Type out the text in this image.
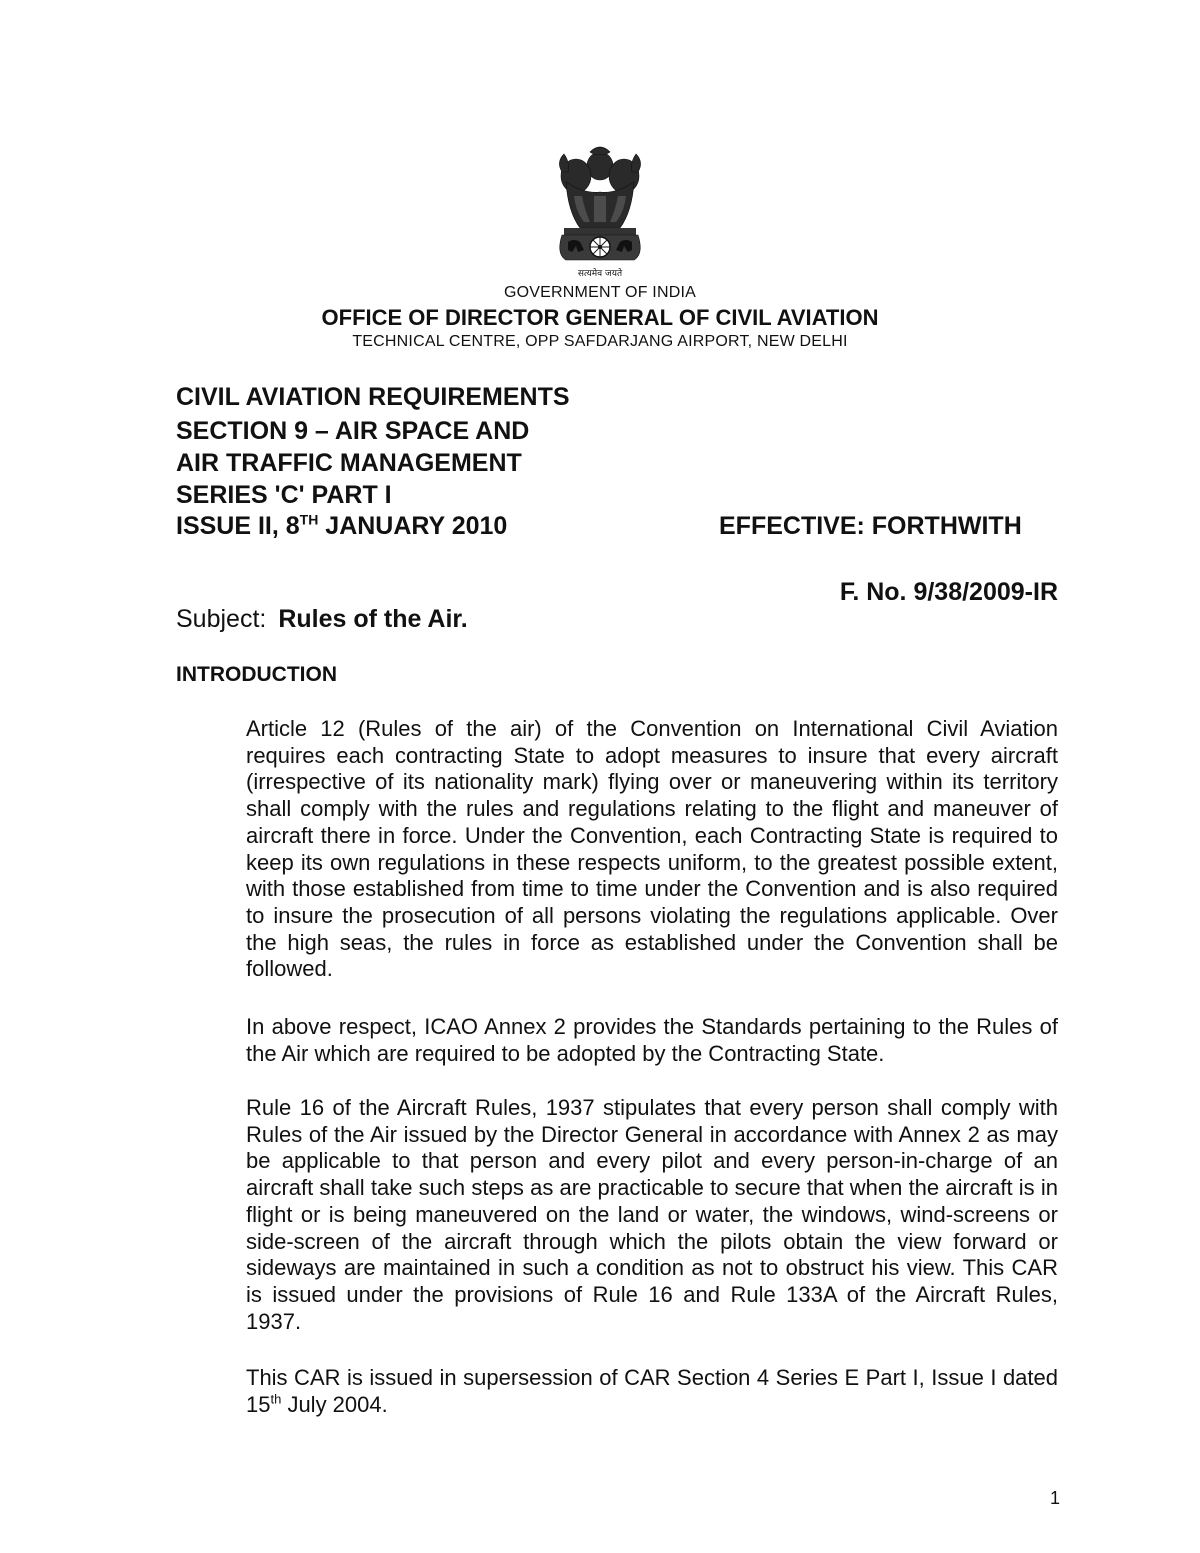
सत्यमेव जयते
GOVERNMENT OF INDIA
OFFICE OF DIRECTOR GENERAL OF CIVIL AVIATION
TECHNICAL CENTRE, OPP SAFDARJANG AIRPORT, NEW DELHI
CIVIL AVIATION REQUIREMENTS
SECTION 9 – AIR SPACE AND
AIR TRAFFIC MANAGEMENT
SERIES 'C' PART I
ISSUE II, 8TH JANUARY 2010	EFFECTIVE: FORTHWITH
F. No. 9/38/2009-IR
Subject: Rules of the Air.
INTRODUCTION
Article 12 (Rules of the air) of the Convention on International Civil Aviation requires each contracting State to adopt measures to insure that every aircraft (irrespective of its nationality mark) flying over or maneuvering within its territory shall comply with the rules and regulations relating to the flight and maneuver of aircraft there in force. Under the Convention, each Contracting State is required to keep its own regulations in these respects uniform, to the greatest possible extent, with those established from time to time under the Convention and is also required to insure the prosecution of all persons violating the regulations applicable. Over the high seas, the rules in force as established under the Convention shall be followed.
In above respect, ICAO Annex 2 provides the Standards pertaining to the Rules of the Air which are required to be adopted by the Contracting State.
Rule 16 of the Aircraft Rules, 1937 stipulates that every person shall comply with Rules of the Air issued by the Director General in accordance with Annex 2 as may be applicable to that person and every pilot and every person-in-charge of an aircraft shall take such steps as are practicable to secure that when the aircraft is in flight or is being maneuvered on the land or water, the windows, wind-screens or side-screen of the aircraft through which the pilots obtain the view forward or sideways are maintained in such a condition as not to obstruct his view. This CAR is issued under the provisions of Rule 16 and Rule 133A of the Aircraft Rules, 1937.
This CAR is issued in supersession of CAR Section 4 Series E Part I, Issue I dated 15th July 2004.
1
